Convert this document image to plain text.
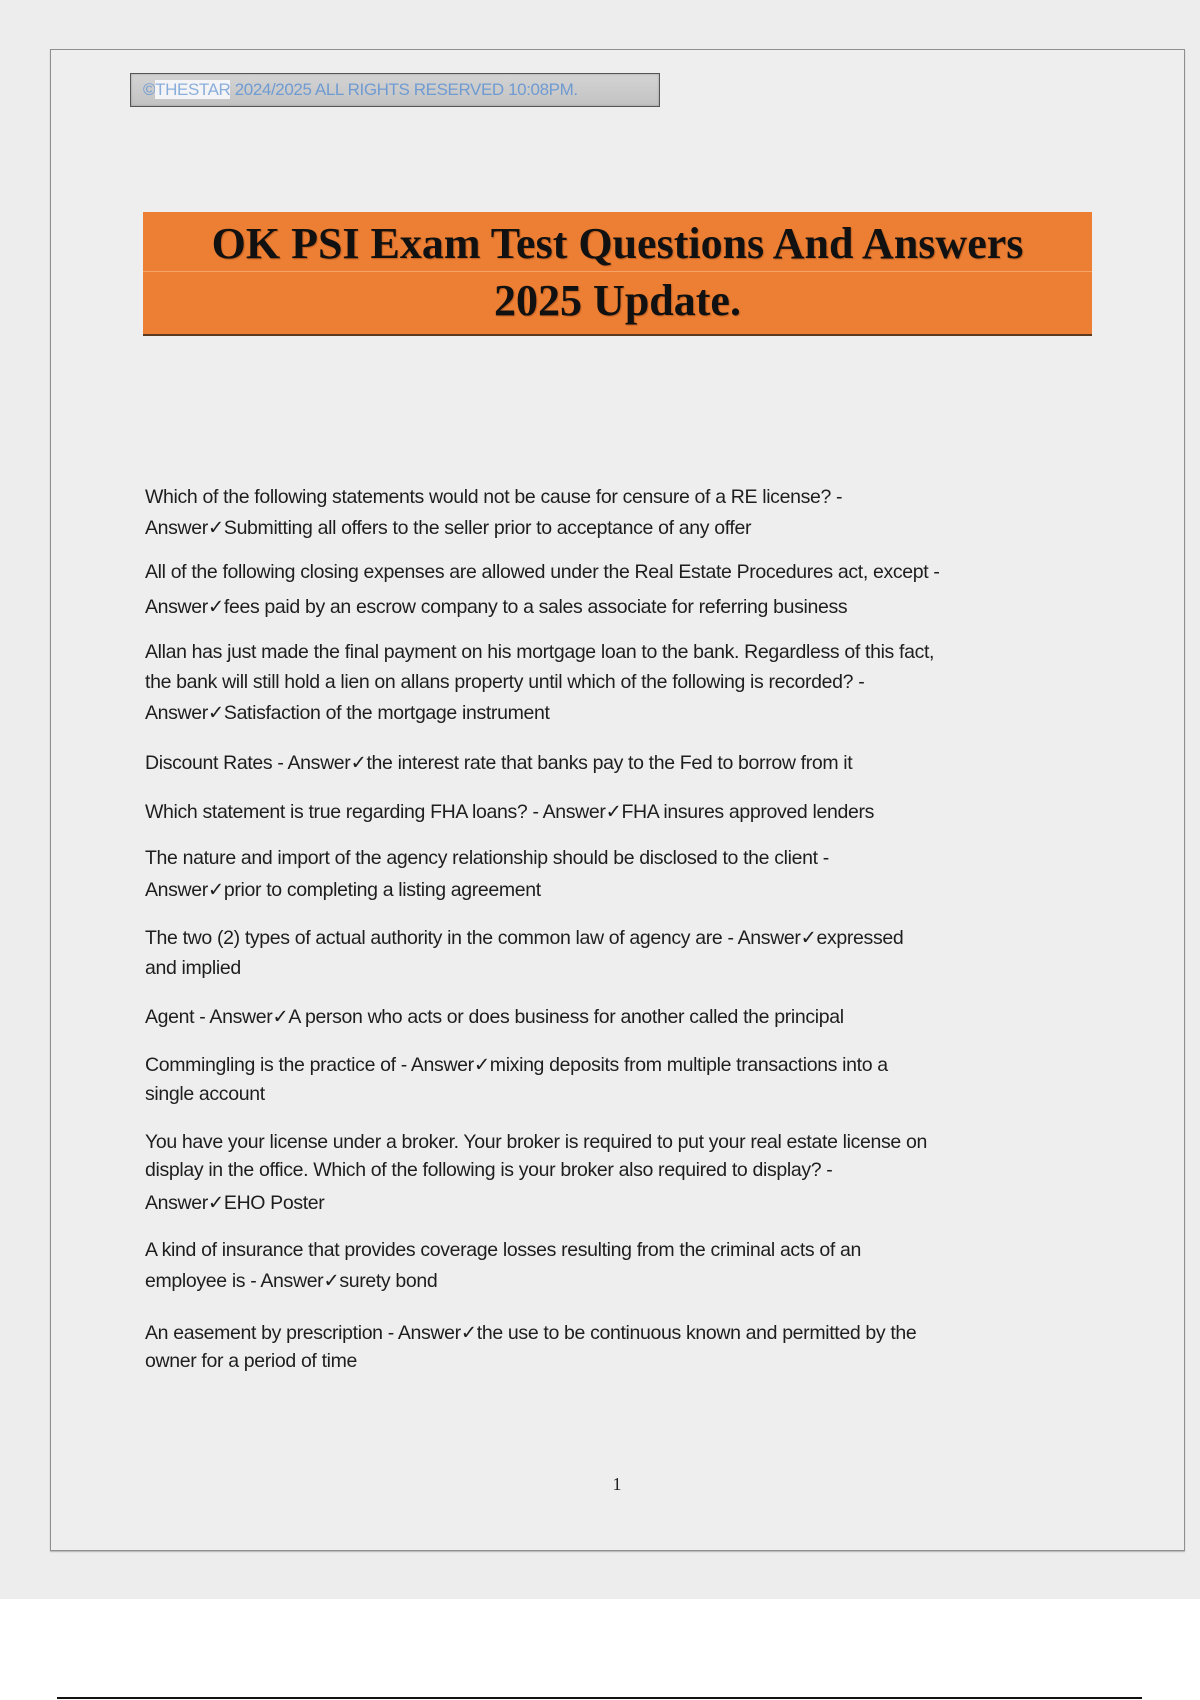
©THESTAR 2024/2025 ALL RIGHTS RESERVED 10:08PM.
OK PSI Exam Test Questions And Answers
2025 Update.
Which of the following statements would not be cause for censure of a RE license? -
Answer✓Submitting all offers to the seller prior to acceptance of any offer
All of the following closing expenses are allowed under the Real Estate Procedures act, except -
Answer✓fees paid by an escrow company to a sales associate for referring business
Allan has just made the final payment on his mortgage loan to the bank. Regardless of this fact,
the bank will still hold a lien on allans property until which of the following is recorded? -
Answer✓Satisfaction of the mortgage instrument
Discount Rates - Answer✓the interest rate that banks pay to the Fed to borrow from it
Which statement is true regarding FHA loans? - Answer✓FHA insures approved lenders
The nature and import of the agency relationship should be disclosed to the client -
Answer✓prior to completing a listing agreement
The two (2) types of actual authority in the common law of agency are - Answer✓expressed
and implied
Agent - Answer✓A person who acts or does business for another called the principal
Commingling is the practice of - Answer✓mixing deposits from multiple transactions into a
single account
You have your license under a broker. Your broker is required to put your real estate license on
display in the office. Which of the following is your broker also required to display? -
Answer✓EHO Poster
A kind of insurance that provides coverage losses resulting from the criminal acts of an
employee is - Answer✓surety bond
An easement by prescription - Answer✓the use to be continuous known and permitted by the
owner for a period of time
1
